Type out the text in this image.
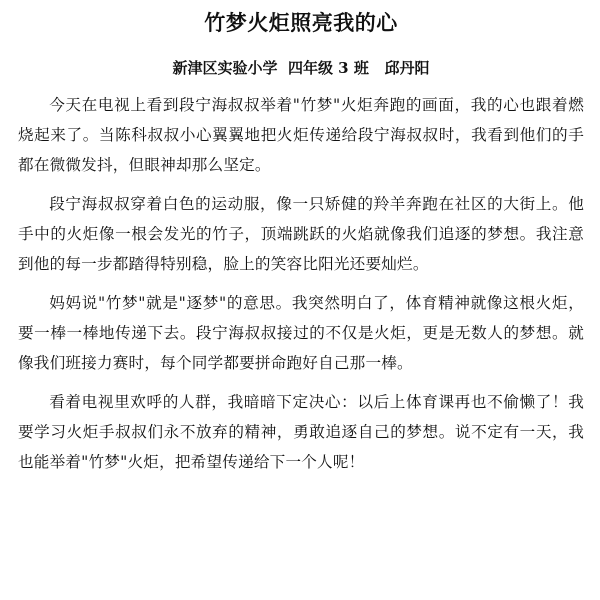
竹梦火炬照亮我的心
新津区实验小学  四年级 3 班   邱丹阳

今天在电视上看到段宁海叔叔举着"竹梦"火炬奔跑的画面，我的心也跟着燃烧起来了。当陈科叔叔小心翼翼地把火炬传递给段宁海叔叔时，我看到他们的手都在微微发抖，但眼神却那么坚定。

段宁海叔叔穿着白色的运动服，像一只矫健的羚羊奔跑在社区的大街上。他手中的火炬像一根会发光的竹子，顶端跳跃的火焰就像我们追逐的梦想。我注意到他的每一步都踏得特别稳，脸上的笑容比阳光还要灿烂。

妈妈说"竹梦"就是"逐梦"的意思。我突然明白了，体育精神就像这根火炬，要一棒一棒地传递下去。段宁海叔叔接过的不仅是火炬，更是无数人的梦想。就像我们班接力赛时，每个同学都要拼命跑好自己那一棒。

看着电视里欢呼的人群，我暗暗下定决心：以后上体育课再也不偷懒了！我要学习火炬手叔叔们永不放弃的精神，勇敢追逐自己的梦想。说不定有一天，我也能举着"竹梦"火炬，把希望传递给下一个人呢！
